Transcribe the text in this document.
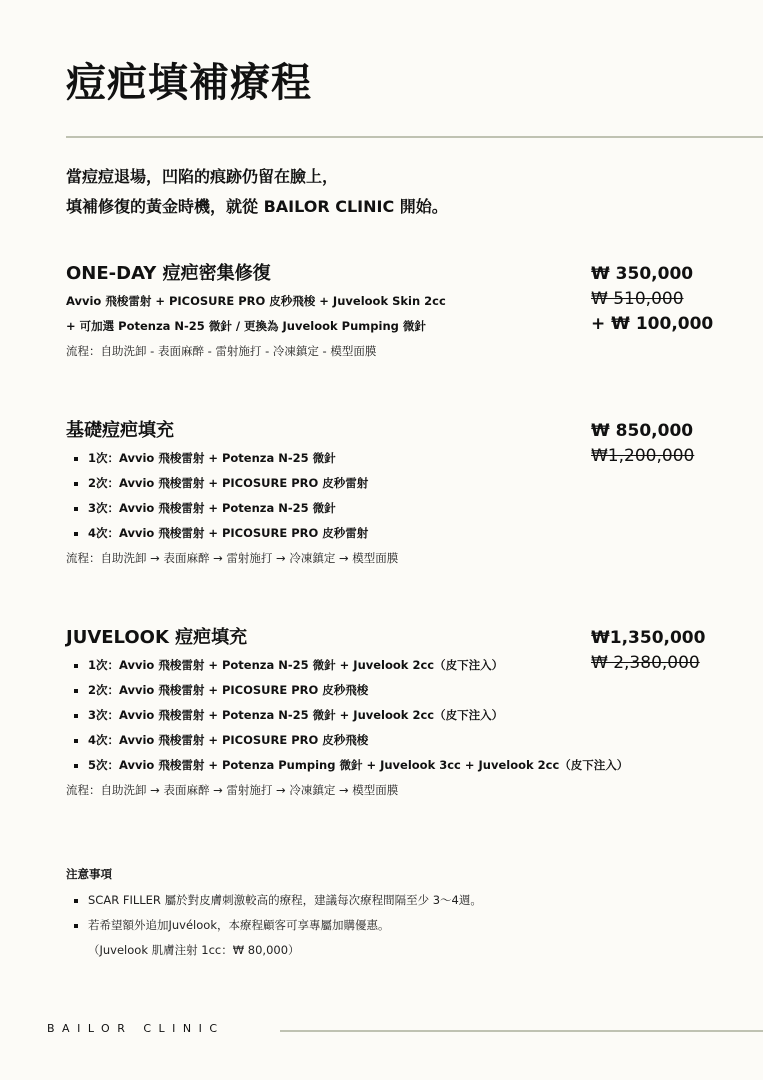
痘疤填補療程
當痘痘退場，凹陷的痕跡仍留在臉上，
填補修復的黃金時機，就從 BAILOR CLINIC 開始。
ONE-DAY 痘疤密集修復
Avvio 飛梭雷射 + PICOSURE PRO 皮秒飛梭 + Juvelook Skin 2cc
+ 可加選 Potenza N-25 微針 / 更換為 Juvelook Pumping 微針
流程：自助洗卸 - 表面麻醉 - 雷射施打 - 冷凍鎮定 - 模型面膜
₩ 350,000
₩ 510,000
+ ₩ 100,000
基礎痘疤填充
1次：Avvio 飛梭雷射 + Potenza N-25 微針
2次：Avvio 飛梭雷射 + PICOSURE PRO 皮秒雷射
3次：Avvio 飛梭雷射 + Potenza N-25 微針
4次：Avvio 飛梭雷射 + PICOSURE PRO 皮秒雷射
流程：自助洗卸 → 表面麻醉 → 雷射施打 → 冷凍鎮定 → 模型面膜
₩ 850,000
₩1,200,000
JUVELOOK 痘疤填充
1次：Avvio 飛梭雷射 + Potenza N-25 微針 + Juvelook 2cc（皮下注入）
2次：Avvio 飛梭雷射 + PICOSURE PRO 皮秒飛梭
3次：Avvio 飛梭雷射 + Potenza N-25 微針 + Juvelook 2cc（皮下注入）
4次：Avvio 飛梭雷射 + PICOSURE PRO 皮秒飛梭
5次：Avvio 飛梭雷射 + Potenza Pumping 微針 + Juvelook 3cc + Juvelook 2cc（皮下注入）
流程：自助洗卸 → 表面麻醉 → 雷射施打 → 冷凍鎮定 → 模型面膜
₩1,350,000
₩ 2,380,000
注意事項
SCAR FILLER 屬於對皮膚刺激較高的療程，建議每次療程間隔至少 3～4週。
若希望額外追加Juvélook，本療程顧客可享專屬加購優惠。
（Juvelook 肌膚注射 1cc：₩ 80,000）
BAILOR CLINIC
